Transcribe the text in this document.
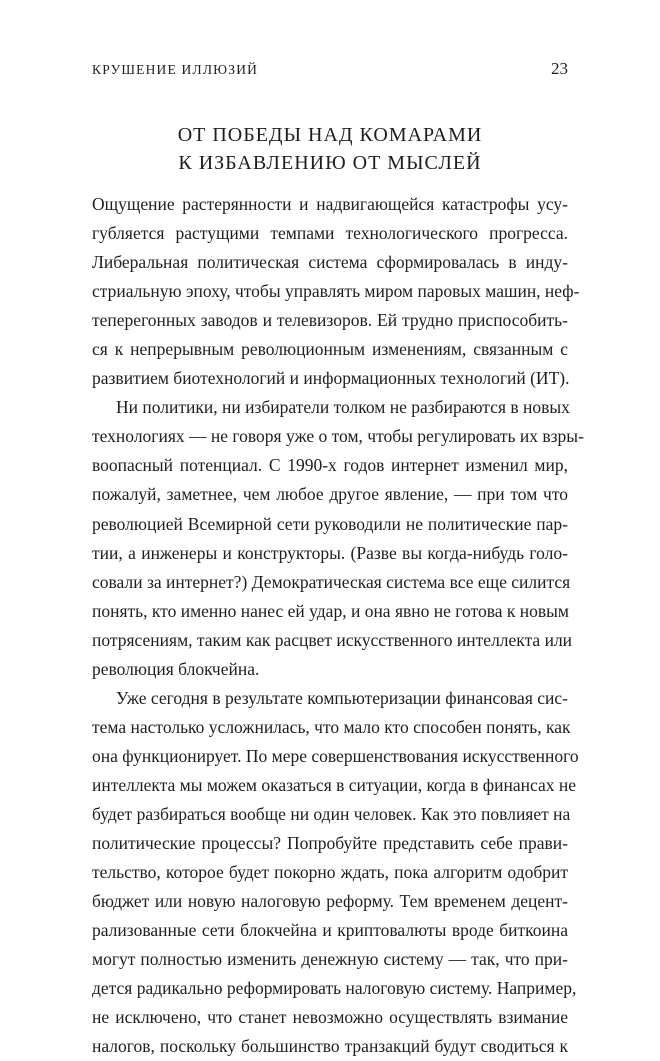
КРУШЕНИЕ ИЛЛЮЗИЙ	23
ОТ ПОБЕДЫ НАД КОМАРАМИ
К ИЗБАВЛЕНИЮ ОТ МЫСЛЕЙ
Ощущение растерянности и надвигающейся катастрофы усу-
губляется растущими темпами технологического прогресса.
Либеральная политическая система сформировалась в инду-
стриальную эпоху, чтобы управлять миром паровых машин, неф-
теперегонных заводов и телевизоров. Ей трудно приспособить-
ся к непрерывным революционным изменениям, связанным с
развитием биотехнологий и информационных технологий (ИТ).
Ни политики, ни избиратели толком не разбираются в новых
технологиях — не говоря уже о том, чтобы регулировать их взры-
воопасный потенциал. С 1990-х годов интернет изменил мир,
пожалуй, заметнее, чем любое другое явление, — при том что
революцией Всемирной сети руководили не политические пар-
тии, а инженеры и конструкторы. (Разве вы когда-нибудь голо-
совали за интернет?) Демократическая система все еще силится
понять, кто именно нанес ей удар, и она явно не готова к новым
потрясениям, таким как расцвет искусственного интеллекта или
революция блокчейна.
Уже сегодня в результате компьютеризации финансовая сис-
тема настолько усложнилась, что мало кто способен понять, как
она функционирует. По мере совершенствования искусственного
интеллекта мы можем оказаться в ситуации, когда в финансах не
будет разбираться вообще ни один человек. Как это повлияет на
политические процессы? Попробуйте представить себе прави-
тельство, которое будет покорно ждать, пока алгоритм одобрит
бюджет или новую налоговую реформу. Тем временем децент-
рализованные сети блокчейна и криптовалюты вроде биткоина
могут полностью изменить денежную систему — так, что при-
дется радикально реформировать налоговую систему. Например,
не исключено, что станет невозможно осуществлять взимание
налогов, поскольку большинство транзакций будут сводиться к
